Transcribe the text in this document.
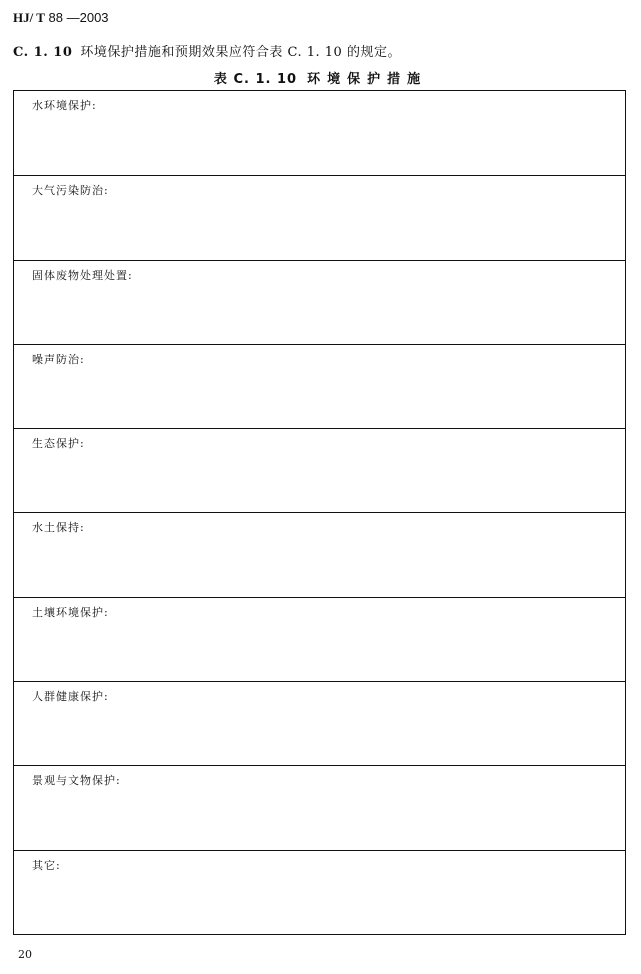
HJ/ T 88 —2003
C. 1. 10 环境保护措施和预期效果应符合表 C. 1. 10 的规定。
表 C. 1. 10 环境保护措施
水环境保护:
大气污染防治:
固体废物处理处置:
噪声防治:
生态保护:
水土保持:
土壤环境保护:
人群健康保护:
景观与文物保护:
其它:
20
